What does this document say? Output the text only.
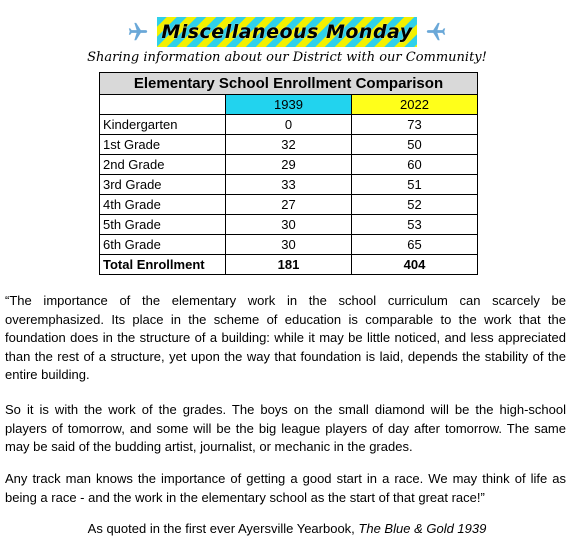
Miscellaneous Monday
Sharing information about our District with our Community!
Elementary School Enrollment Comparison		
	1939	2022
Kindergarten	0	73
1st Grade	32	50
2nd Grade	29	60
3rd Grade	33	51
4th Grade	27	52
5th Grade	30	53
6th Grade	30	65
Total Enrollment	181	404

“The importance of the elementary work in the school curriculum can scarcely be overemphasized. Its place in the scheme of education is comparable to the work that the foundation does in the structure of a building: while it may be little noticed, and less appreciated than the rest of a structure, yet upon the way that foundation is laid, depends the stability of the entire building.

So it is with the work of the grades. The boys on the small diamond will be the high-school players of tomorrow, and some will be the big league players of day after tomorrow. The same may be said of the budding artist, journalist, or mechanic in the grades.

Any track man knows the importance of getting a good start in a race. We may think of life as being a race - and the work in the elementary school as the start of that great race!”

As quoted in the first ever Ayersville Yearbook, The Blue & Gold 1939
